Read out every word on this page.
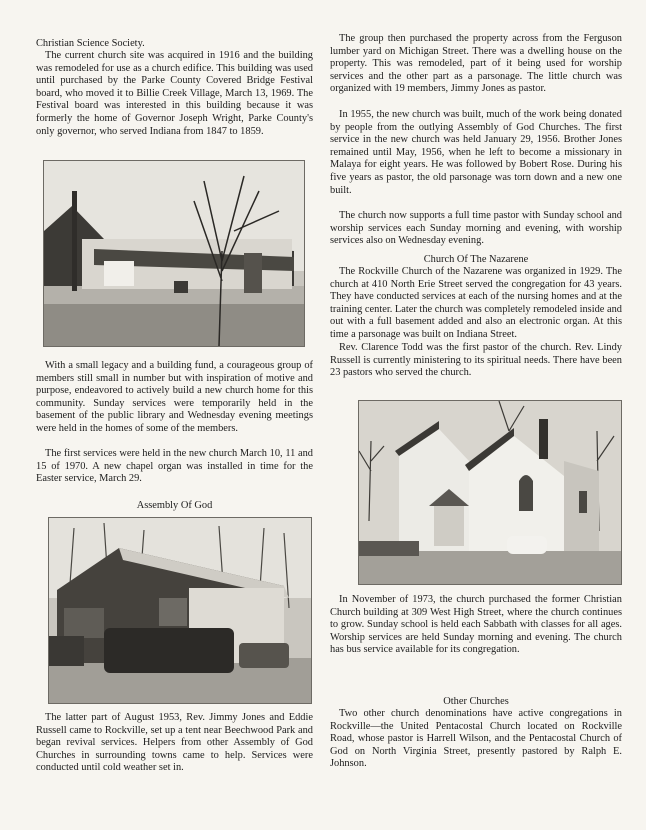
Christian Science Society.

The current church site was acquired in 1916 and the building was remodeled for use as a church edifice. This building was used until purchased by the Parke County Covered Bridge Festival board, who moved it to Billie Creek Village, March 13, 1969. The Festival board was interested in this building because it was formerly the home of Governor Joseph Wright, Parke County's only governor, who served Indiana from 1847 to 1859.

With a small legacy and a building fund, a courageous group of members still small in number but with inspiration of motive and purpose, endeavored to actively build a new church home for this community. Sunday services were temporarily held in the basement of the public library and Wednesday evening meetings were held in the homes of some of the members.

The first services were held in the new church March 10, 11 and 15 of 1970. A new chapel organ was installed in time for the Easter service, March 29.

Assembly Of God

The latter part of August 1953, Rev. Jimmy Jones and Eddie Russell came to Rockville, set up a tent near Beechwood Park and began revival services. Helpers from other Assembly of God Churches in surrounding towns came to help. Services were conducted until cold weather set in.

The group then purchased the property across from the Ferguson lumber yard on Michigan Street. There was a dwelling house on the property. This was remodeled, part of it being used for worship services and the other part as a parsonage. The little church was organized with 19 members, Jimmy Jones as pastor.

In 1955, the new church was built, much of the work being donated by people from the outlying Assembly of God Churches. The first service in the new church was held January 29, 1956. Brother Jones remained until May, 1956, when he left to become a missionary in Malaya for eight years. He was followed by Bobert Rose. During his five years as pastor, the old parsonage was torn down and a new one built.

The church now supports a full time pastor with Sunday school and worship services each Sunday morning and evening, with worship services also on Wednesday evening.

Church Of The Nazarene

The Rockville Church of the Nazarene was organized in 1929. The church at 410 North Erie Street served the congregation for 43 years. They have conducted services at each of the nursing homes and at the training center. Later the church was completely remodeled inside and out with a full basement added and also an electronic organ. At this time a parsonage was built on Indiana Street.

Rev. Clarence Todd was the first pastor of the church. Rev. Lindy Russell is currently ministering to its spiritual needs. There have been 23 pastors who served the church.

In November of 1973, the church purchased the former Christian Church building at 309 West High Street, where the church continues to grow. Sunday school is held each Sabbath with classes for all ages. Worship services are held Sunday morning and evening. The church has bus service available for its congregation.

Other Churches

Two other church denominations have active congregations in Rockville—the United Pentacostal Church located on Rockville Road, whose pastor is Harrell Wilson, and the Pentacostal Church of God on North Virginia Street, presently pastored by Ralph E. Johnson.
